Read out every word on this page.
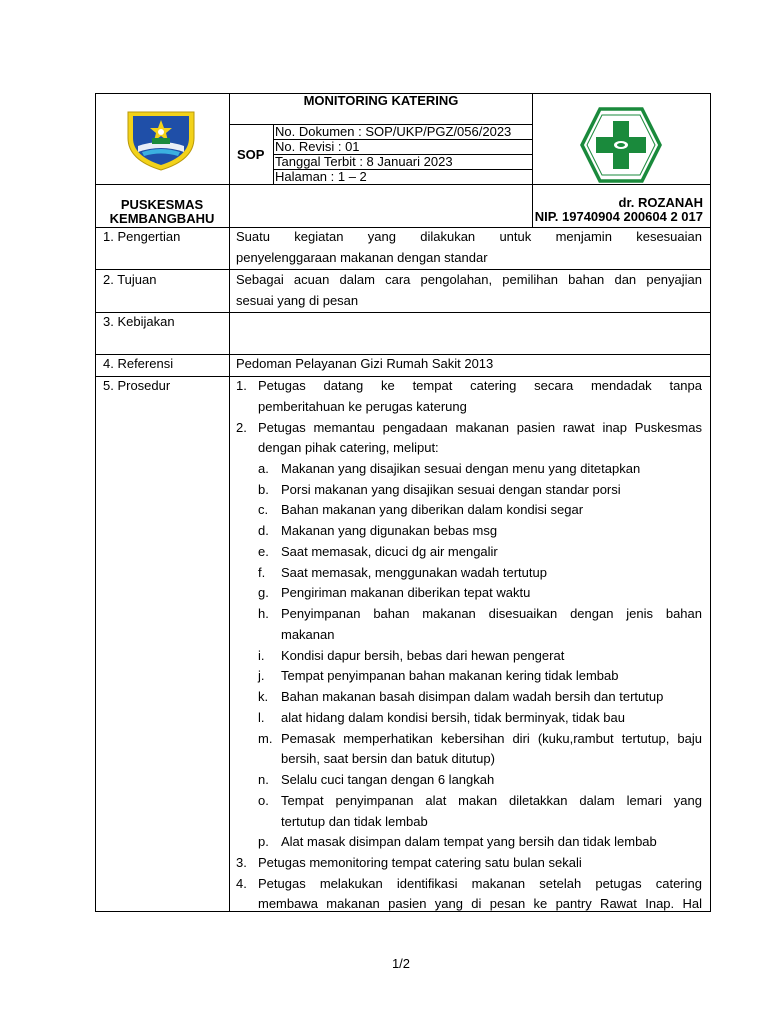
MONITORING KATERING
SOP
No. Dokumen : SOP/UKP/PGZ/056/2023
No. Revisi : 01
Tanggal Terbit : 8 Januari 2023
Halaman : 1 – 2
PUSKESMAS
KEMBANGBAHU
dr. ROZANAH
NIP. 19740904 200604 2 017
1. Pengertian
2. Tujuan
3. Kebijakan
4. Referensi
5. Prosedur
Suatu kegiatan yang dilakukan untuk menjamin kesesuaian
penyelenggaraan makanan dengan standar
Sebagai acuan dalam cara pengolahan, pemilihan bahan dan penyajian
sesuai yang di pesan
Pedoman Pelayanan Gizi Rumah Sakit 2013
1. Petugas datang ke tempat catering secara mendadak tanpa
pemberitahuan ke perugas katerung
2. Petugas memantau pengadaan makanan pasien rawat inap Puskesmas
dengan pihak catering, meliput:
a. Makanan yang disajikan sesuai dengan menu yang ditetapkan
b. Porsi makanan yang disajikan sesuai dengan standar porsi
c. Bahan makanan yang diberikan dalam kondisi segar
d. Makanan yang digunakan bebas msg
e. Saat memasak, dicuci dg air mengalir
f. Saat memasak, menggunakan wadah tertutup
g. Pengiriman makanan diberikan tepat waktu
h. Penyimpanan bahan makanan disesuaikan dengan jenis bahan
makanan
i. Kondisi dapur bersih, bebas dari hewan pengerat
j. Tempat penyimpanan bahan makanan kering tidak lembab
k. Bahan makanan basah disimpan dalam wadah bersih dan tertutup
l. alat hidang dalam kondisi bersih, tidak berminyak, tidak bau
m. Pemasak memperhatikan kebersihan diri (kuku,rambut tertutup, baju
bersih, saat bersin dan batuk ditutup)
n. Selalu cuci tangan dengan 6 langkah
o. Tempat penyimpanan alat makan diletakkan dalam lemari yang
tertutup dan tidak lembab
p. Alat masak disimpan dalam tempat yang bersih dan tidak lembab
3. Petugas memonitoring tempat catering satu bulan sekali
4. Petugas melakukan identifikasi makanan setelah petugas catering
membawa makanan pasien yang di pesan ke pantry Rawat Inap. Hal
1/2
